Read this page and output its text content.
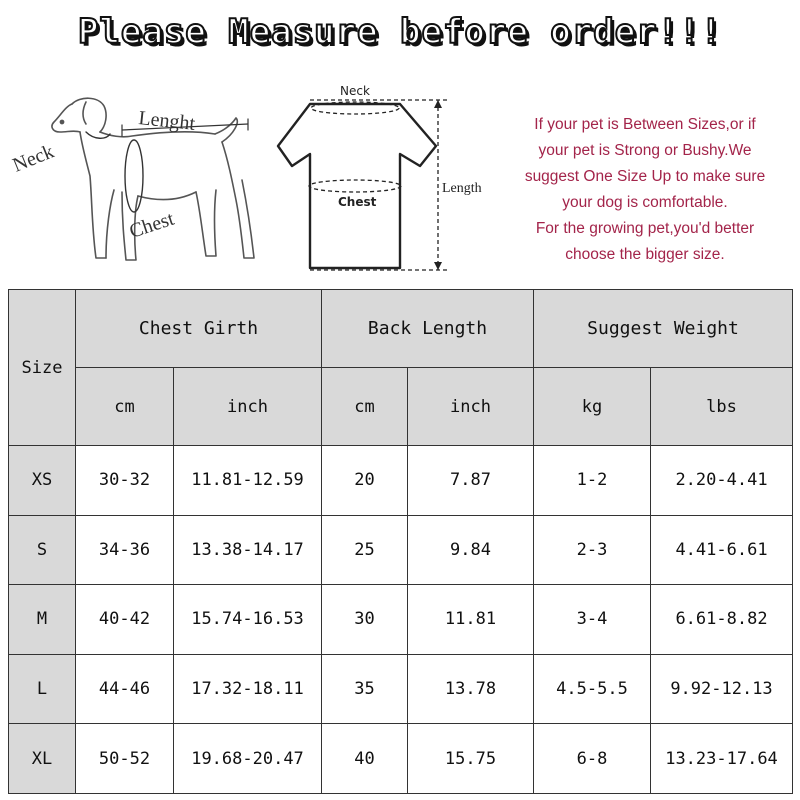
Please Measure before order!!!
Neck
Lenght
Chest
Neck
Chest
Length

If your pet is Between Sizes,or if

your pet is Strong or Bushy.We

suggest One Size Up to make sure

your dog is comfortable.

For the growing pet,you'd better

choose the bigger size.

Size	Chest Girth		Back Length		Suggest Weight	
	cm	inch	cm	inch	kg	lbs
XS	30-32	11.81-12.59	20	7.87	1-2	2.20-4.41
S	34-36	13.38-14.17	25	9.84	2-3	4.41-6.61
M	40-42	15.74-16.53	30	11.81	3-4	6.61-8.82
L	44-46	17.32-18.11	35	13.78	4.5-5.5	9.92-12.13
XL	50-52	19.68-20.47	40	15.75	6-8	13.23-17.64
